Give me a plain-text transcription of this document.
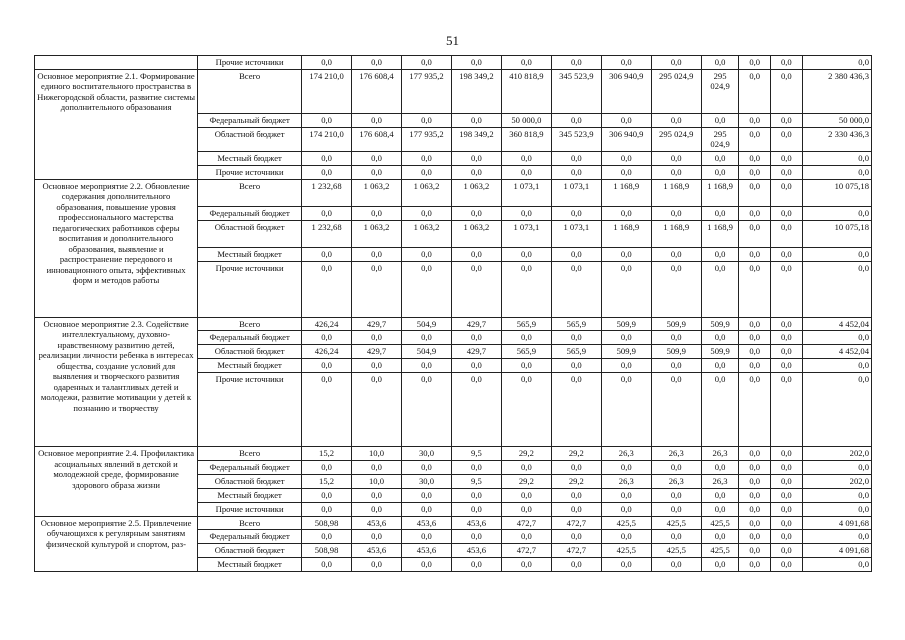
51
	Прочие источники	0,0	0,0	0,0	0,0	0,0	0,0	0,0	0,0	0,0	0,0	0,0	0,0
Основное мероприятие 2.1. Формирование единого воспитательного пространства в Нижегородской области, развитие системы дополнительного образования	Всего	174 210,0	176 608,4	177 935,2	198 349,2	410 818,9	345 523,9	306 940,9	295 024,9	295 024,9	0,0	0,0	2 380 436,3
	Федеральный бюджет	0,0	0,0	0,0	0,0	50 000,0	0,0	0,0	0,0	0,0	0,0	0,0	50 000,0
	Областной бюджет	174 210,0	176 608,4	177 935,2	198 349,2	360 818,9	345 523,9	306 940,9	295 024,9	295 024,9	0,0	0,0	2 330 436,3
	Местный бюджет	0,0	0,0	0,0	0,0	0,0	0,0	0,0	0,0	0,0	0,0	0,0	0,0
	Прочие источники	0,0	0,0	0,0	0,0	0,0	0,0	0,0	0,0	0,0	0,0	0,0	0,0
Основное мероприятие 2.2. Обновление содержания дополнительного образования, повышение уровня профессионального мастерства педагогических работников сферы воспитания и дополнительного образования, выявление и распространение передового и инновационного опыта, эффективных форм и методов работы	Всего	1 232,68	1 063,2	1 063,2	1 063,2	1 073,1	1 073,1	1 168,9	1 168,9	1 168,9	0,0	0,0	10 075,18
	Федеральный бюджет	0,0	0,0	0,0	0,0	0,0	0,0	0,0	0,0	0,0	0,0	0,0	0,0
	Областной бюджет	1 232,68	1 063,2	1 063,2	1 063,2	1 073,1	1 073,1	1 168,9	1 168,9	1 168,9	0,0	0,0	10 075,18
	Местный бюджет	0,0	0,0	0,0	0,0	0,0	0,0	0,0	0,0	0,0	0,0	0,0	0,0
	Прочие источники	0,0	0,0	0,0	0,0	0,0	0,0	0,0	0,0	0,0	0,0	0,0	0,0
Основное мероприятие 2.3. Содействие интеллектуальному, духовно-нравственному развитию детей, реализации личности ребенка в интересах общества, создание условий для выявления и творческого развития одаренных и талантливых детей и молодежи, развитие мотивации у детей к познанию и творчеству	Всего	426,24	429,7	504,9	429,7	565,9	565,9	509,9	509,9	509,9	0,0	0,0	4 452,04
	Федеральный бюджет	0,0	0,0	0,0	0,0	0,0	0,0	0,0	0,0	0,0	0,0	0,0	0,0
	Областной бюджет	426,24	429,7	504,9	429,7	565,9	565,9	509,9	509,9	509,9	0,0	0,0	4 452,04
	Местный бюджет	0,0	0,0	0,0	0,0	0,0	0,0	0,0	0,0	0,0	0,0	0,0	0,0
	Прочие источники	0,0	0,0	0,0	0,0	0,0	0,0	0,0	0,0	0,0	0,0	0,0	0,0
Основное мероприятие 2.4. Профилактика асоциальных явлений в детской и молодежной среде, формирование здорового образа жизни	Всего	15,2	10,0	30,0	9,5	29,2	29,2	26,3	26,3	26,3	0,0	0,0	202,0
	Федеральный бюджет	0,0	0,0	0,0	0,0	0,0	0,0	0,0	0,0	0,0	0,0	0,0	0,0
	Областной бюджет	15,2	10,0	30,0	9,5	29,2	29,2	26,3	26,3	26,3	0,0	0,0	202,0
	Местный бюджет	0,0	0,0	0,0	0,0	0,0	0,0	0,0	0,0	0,0	0,0	0,0	0,0
	Прочие источники	0,0	0,0	0,0	0,0	0,0	0,0	0,0	0,0	0,0	0,0	0,0	0,0
Основное мероприятие 2.5. Привлечение обучающихся к регулярным занятиям физической культурой и спортом, раз-	Всего	508,98	453,6	453,6	453,6	472,7	472,7	425,5	425,5	425,5	0,0	0,0	4 091,68
	Федеральный бюджет	0,0	0,0	0,0	0,0	0,0	0,0	0,0	0,0	0,0	0,0	0,0	0,0
	Областной бюджет	508,98	453,6	453,6	453,6	472,7	472,7	425,5	425,5	425,5	0,0	0,0	4 091,68
	Местный бюджет	0,0	0,0	0,0	0,0	0,0	0,0	0,0	0,0	0,0	0,0	0,0	0,0
